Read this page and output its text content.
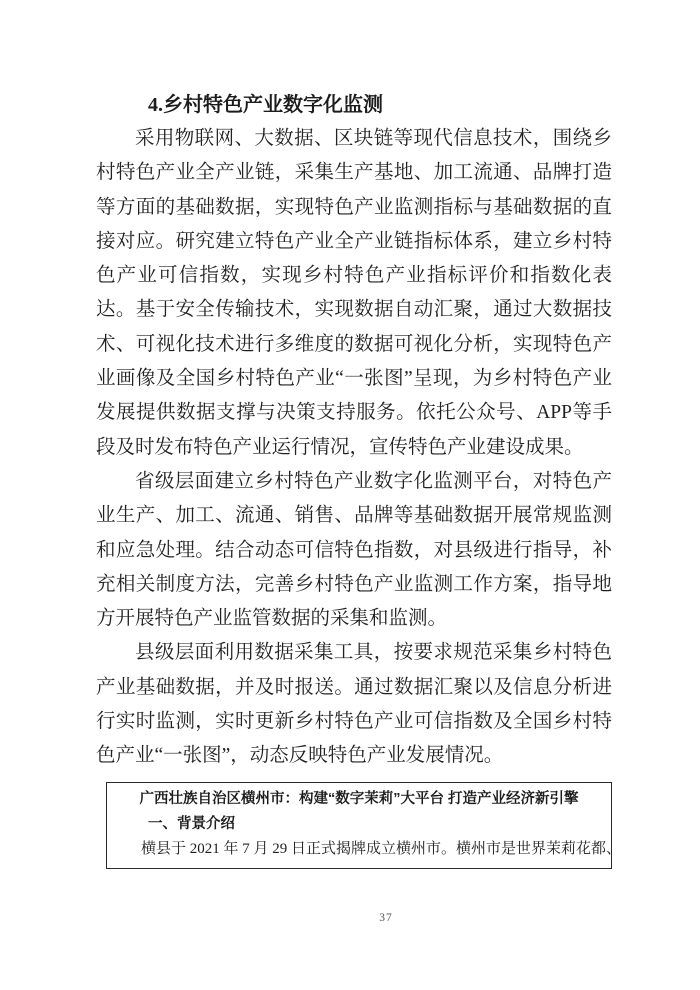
4.乡村特色产业数字化监测

采用物联网、大数据、区块链等现代信息技术，围绕乡村特色产业全产业链，采集生产基地、加工流通、品牌打造等方面的基础数据，实现特色产业监测指标与基础数据的直接对应。研究建立特色产业全产业链指标体系，建立乡村特色产业可信指数，实现乡村特色产业指标评价和指数化表达。基于安全传输技术，实现数据自动汇聚，通过大数据技术、可视化技术进行多维度的数据可视化分析，实现特色产业画像及全国乡村特色产业“一张图”呈现，为乡村特色产业发展提供数据支撑与决策支持服务。依托公众号、APP等手段及时发布特色产业运行情况，宣传特色产业建设成果。

省级层面建立乡村特色产业数字化监测平台，对特色产业生产、加工、流通、销售、品牌等基础数据开展常规监测和应急处理。结合动态可信特色指数，对县级进行指导，补充相关制度方法，完善乡村特色产业监测工作方案，指导地方开展特色产业监管数据的采集和监测。

县级层面利用数据采集工具，按要求规范采集乡村特色产业基础数据，并及时报送。通过数据汇聚以及信息分析进行实时监测，实时更新乡村特色产业可信指数及全国乡村特色产业“一张图”，动态反映特色产业发展情况。

广西壮族自治区横州市：构建“数字茉莉”大平台 打造产业经济新引擎
一、背景介绍
横县于 2021 年 7 月 29 日正式揭牌成立横州市。横州市是世界茉莉花都、
37
